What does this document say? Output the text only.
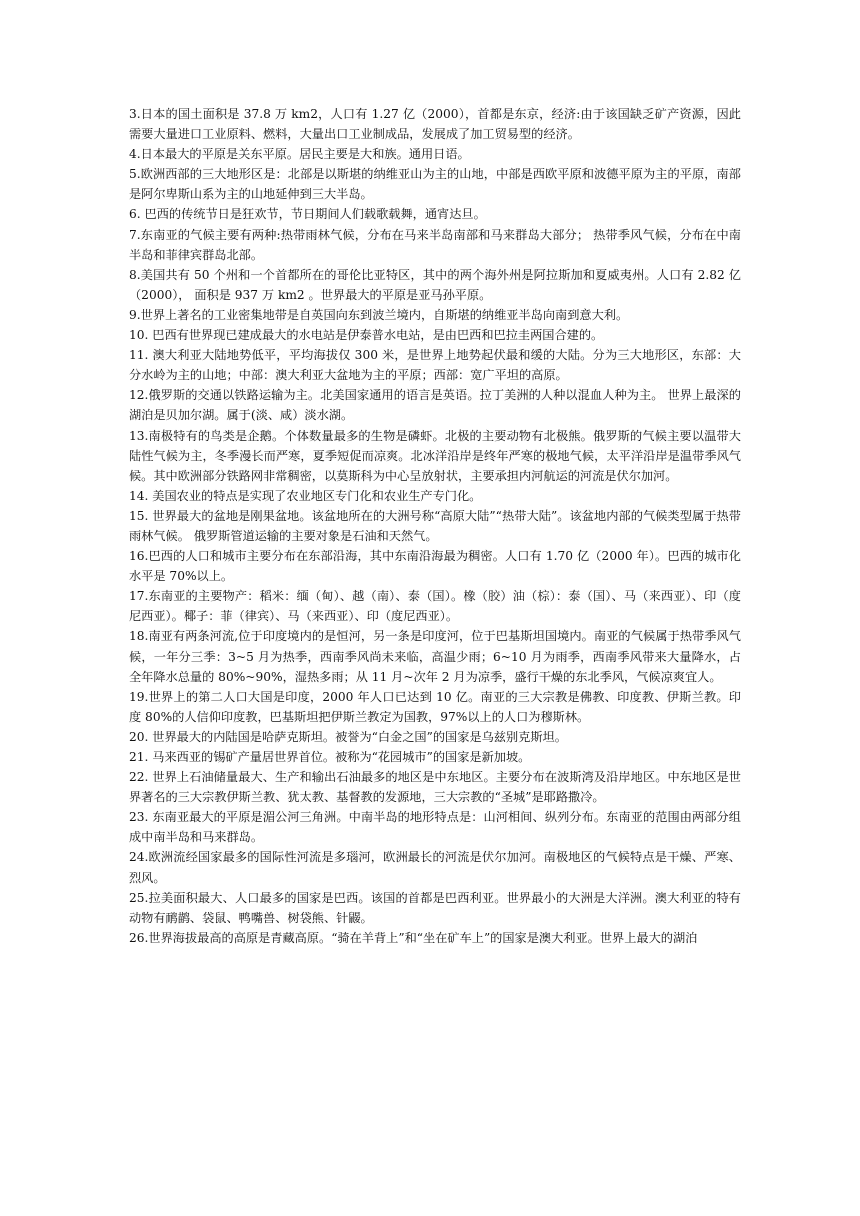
3.日本的国土面积是 37.8 万 km2，人口有 1.27 亿（2000），首都是东京，经济:由于该国缺乏矿产资源，因此需要大量进口工业原料、燃料，大量出口工业制成品，发展成了加工贸易型的经济。

4.日本最大的平原是关东平原。居民主要是大和族。通用日语。

5.欧洲西部的三大地形区是：北部是以斯堪的纳维亚山为主的山地，中部是西欧平原和波德平原为主的平原，南部是阿尔卑斯山系为主的山地延伸到三大半岛。

6. 巴西的传统节日是狂欢节，节日期间人们载歌载舞，通宵达旦。

7.东南亚的气候主要有两种:热带雨林气候，分布在马来半岛南部和马来群岛大部分； 热带季风气候，分布在中南半岛和菲律宾群岛北部。

8.美国共有 50 个州和一个首都所在的哥伦比亚特区，其中的两个海外州是阿拉斯加和夏威夷州。人口有 2.82 亿（2000）， 面积是 937 万 km2 。世界最大的平原是亚马孙平原。

9.世界上著名的工业密集地带是自英国向东到波兰境内，自斯堪的纳维亚半岛向南到意大利。

10. 巴西有世界现已建成最大的水电站是伊泰普水电站，是由巴西和巴拉圭两国合建的。

11. 澳大利亚大陆地势低平，平均海拔仅 300 米，是世界上地势起伏最和缓的大陆。分为三大地形区，东部：大分水岭为主的山地；中部：澳大利亚大盆地为主的平原；西部：宽广平坦的高原。

12.俄罗斯的交通以铁路运输为主。北美国家通用的语言是英语。拉丁美洲的人种以混血人种为主。 世界上最深的湖泊是贝加尔湖。属于(淡、咸）淡水湖。

13.南极特有的鸟类是企鹅。个体数量最多的生物是磷虾。北极的主要动物有北极熊。俄罗斯的气候主要以温带大陆性气候为主，冬季漫长而严寒，夏季短促而凉爽。北冰洋沿岸是终年严寒的极地气候，太平洋沿岸是温带季风气候。其中欧洲部分铁路网非常稠密，以莫斯科为中心呈放射状，主要承担内河航运的河流是伏尔加河。

14. 美国农业的特点是实现了农业地区专门化和农业生产专门化。

15. 世界最大的盆地是刚果盆地。该盆地所在的大洲号称“高原大陆”“热带大陆”。该盆地内部的气候类型属于热带雨林气候。 俄罗斯管道运输的主要对象是石油和天然气。

16.巴西的人口和城市主要分布在东部沿海，其中东南沿海最为稠密。人口有 1.70 亿（2000 年）。巴西的城市化水平是 70%以上。

17.东南亚的主要物产：稻米：缅（甸）、越（南）、泰（国）。橡（胶）油（棕）：泰（国）、马（来西亚）、印（度尼西亚）。椰子：菲（律宾）、马（来西亚）、印（度尼西亚）。

18.南亚有两条河流,位于印度境内的是恒河，另一条是印度河，位于巴基斯坦国境内。南亚的气候属于热带季风气候，一年分三季：3~5 月为热季，西南季风尚未来临，高温少雨；6~10 月为雨季，西南季风带来大量降水，占全年降水总量的 80%~90%，湿热多雨；从 11 月~次年 2 月为凉季，盛行干燥的东北季风，气候凉爽宜人。

19.世界上的第二人口大国是印度，2000 年人口已达到 10 亿。南亚的三大宗教是佛教、印度教、伊斯兰教。印度 80%的人信仰印度教，巴基斯坦把伊斯兰教定为国教，97%以上的人口为穆斯林。

20. 世界最大的内陆国是哈萨克斯坦。被誉为“白金之国”的国家是乌兹别克斯坦。

21. 马来西亚的锡矿产量居世界首位。被称为“花园城市”的国家是新加坡。

22. 世界上石油储量最大、生产和输出石油最多的地区是中东地区。主要分布在波斯湾及沿岸地区。中东地区是世界著名的三大宗教伊斯兰教、犹太教、基督教的发源地，三大宗教的“圣城”是耶路撒冷。

23. 东南亚最大的平原是湄公河三角洲。中南半岛的地形特点是：山河相间、纵列分布。东南亚的范围由两部分组成中南半岛和马来群岛。

24.欧洲流经国家最多的国际性河流是多瑙河，欧洲最长的河流是伏尔加河。南极地区的气候特点是干燥、严寒、烈风。

25.拉美面积最大、人口最多的国家是巴西。该国的首都是巴西利亚。世界最小的大洲是大洋洲。澳大利亚的特有动物有鸸鹋、袋鼠、鸭嘴兽、树袋熊、针鼹。

26.世界海拔最高的高原是青藏高原。“骑在羊背上”和“坐在矿车上”的国家是澳大利亚。世界上最大的湖泊
